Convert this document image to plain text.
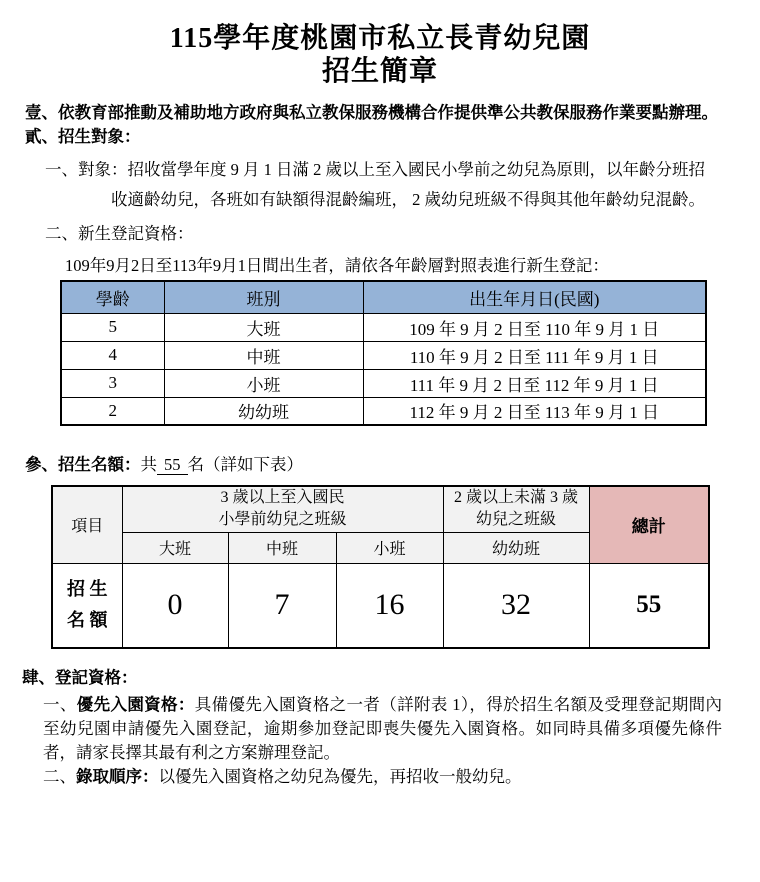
115學年度桃園市私立長青幼兒園
招生簡章
壹、依教育部推動及補助地方政府與私立教保服務機構合作提供準公共教保服務作業要點辦理。
貳、招生對象：
一、對象：招收當學年度 9 月 1 日滿 2 歲以上至入國民小學前之幼兒為原則，以年齡分班招收適齡幼兒，各班如有缺額得混齡編班， 2 歲幼兒班級不得與其他年齡幼兒混齡。
二、新生登記資格：
109年9月2日至113年9月1日間出生者，請依各年齡層對照表進行新生登記：
學齡	班別	出生年月日(民國)
5	大班	109 年 9 月 2 日至 110 年 9 月 1 日
4	中班	110 年 9 月 2 日至 111 年 9 月 1 日
3	小班	111 年 9 月 2 日至 112 年 9 月 1 日
2	幼幼班	112 年 9 月 2 日至 113 年 9 月 1 日
參、招生名額：共 55 名（詳如下表）
項目	
3 歲以上至入國民
小學前幼兒之班級

2 歲以上未滿 3 歲
幼兒之班級	總計
	大班	中班	小班	幼幼班	

招 生
名 額	0	7	16	32	55
肆、登記資格：
一、優先入園資格：具備優先入園資格之一者（詳附表 1），得於招生名額及受理登記期間內至幼兒園申請優先入園登記，逾期參加登記即喪失優先入園資格。如同時具備多項優先條件者，請家長擇其最有利之方案辦理登記。
二、錄取順序：以優先入園資格之幼兒為優先，再招收一般幼兒。
